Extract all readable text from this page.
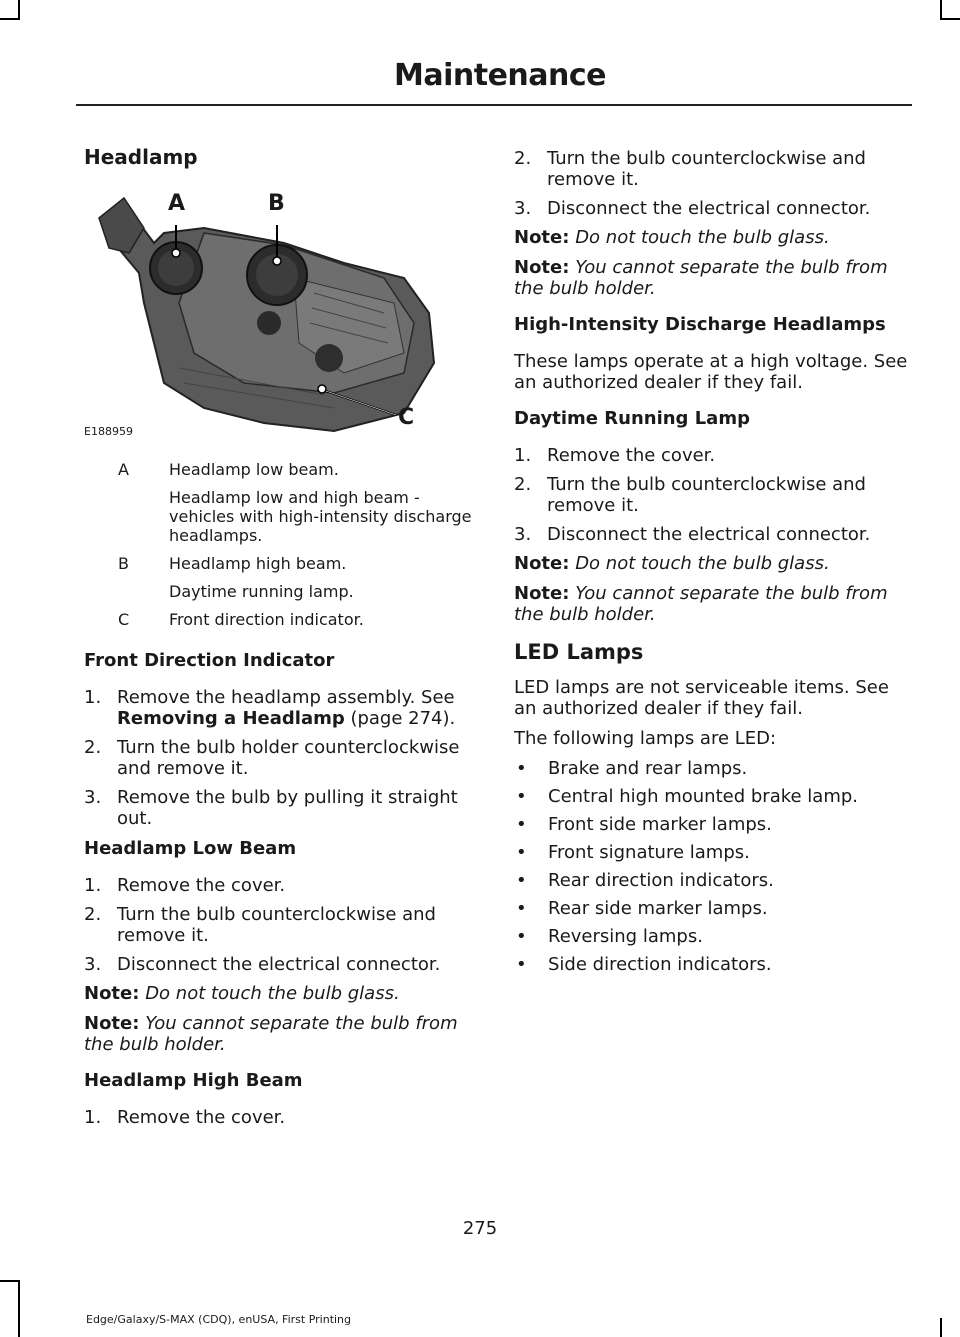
Maintenance
Headlamp
A	B
C
E188959
A	Headlamp low beam.
Headlamp low and high beam - vehicles with high-intensity discharge headlamps.
B	Headlamp high beam.
Daytime running lamp.
C Front direction indicator.
Front Direction Indicator
1. Remove the headlamp assembly. See Removing a Headlamp (page 274).
2. Turn the bulb holder counterclockwise and remove it.
3. Remove the bulb by pulling it straight out.
Headlamp Low Beam
1. Remove the cover.
2. Turn the bulb counterclockwise and remove it.
3. Disconnect the electrical connector.

Note: Do not touch the bulb glass.

Note: You cannot separate the bulb from the bulb holder.

Headlamp High Beam
1. Remove the cover.
2. Turn the bulb counterclockwise and remove it.
3. Disconnect the electrical connector.

Note: Do not touch the bulb glass.

Note: You cannot separate the bulb from the bulb holder.

High-Intensity Discharge Headlamps

These lamps operate at a high voltage. See an authorized dealer if they fail.

Daytime Running Lamp
1. Remove the cover.
2. Turn the bulb counterclockwise and remove it.
3. Disconnect the electrical connector.

Note: Do not touch the bulb glass.

Note: You cannot separate the bulb from the bulb holder.

LED Lamps

LED lamps are not serviceable items. See an authorized dealer if they fail.

The following lamps are LED:

• Brake and rear lamps.
• Central high mounted brake lamp.
• Front side marker lamps.
• Front signature lamps.
• Rear direction indicators.
• Rear side marker lamps.
• Reversing lamps.
• Side direction indicators.
275
Edge/Galaxy/S-MAX (CDQ), enUSA, First Printing
